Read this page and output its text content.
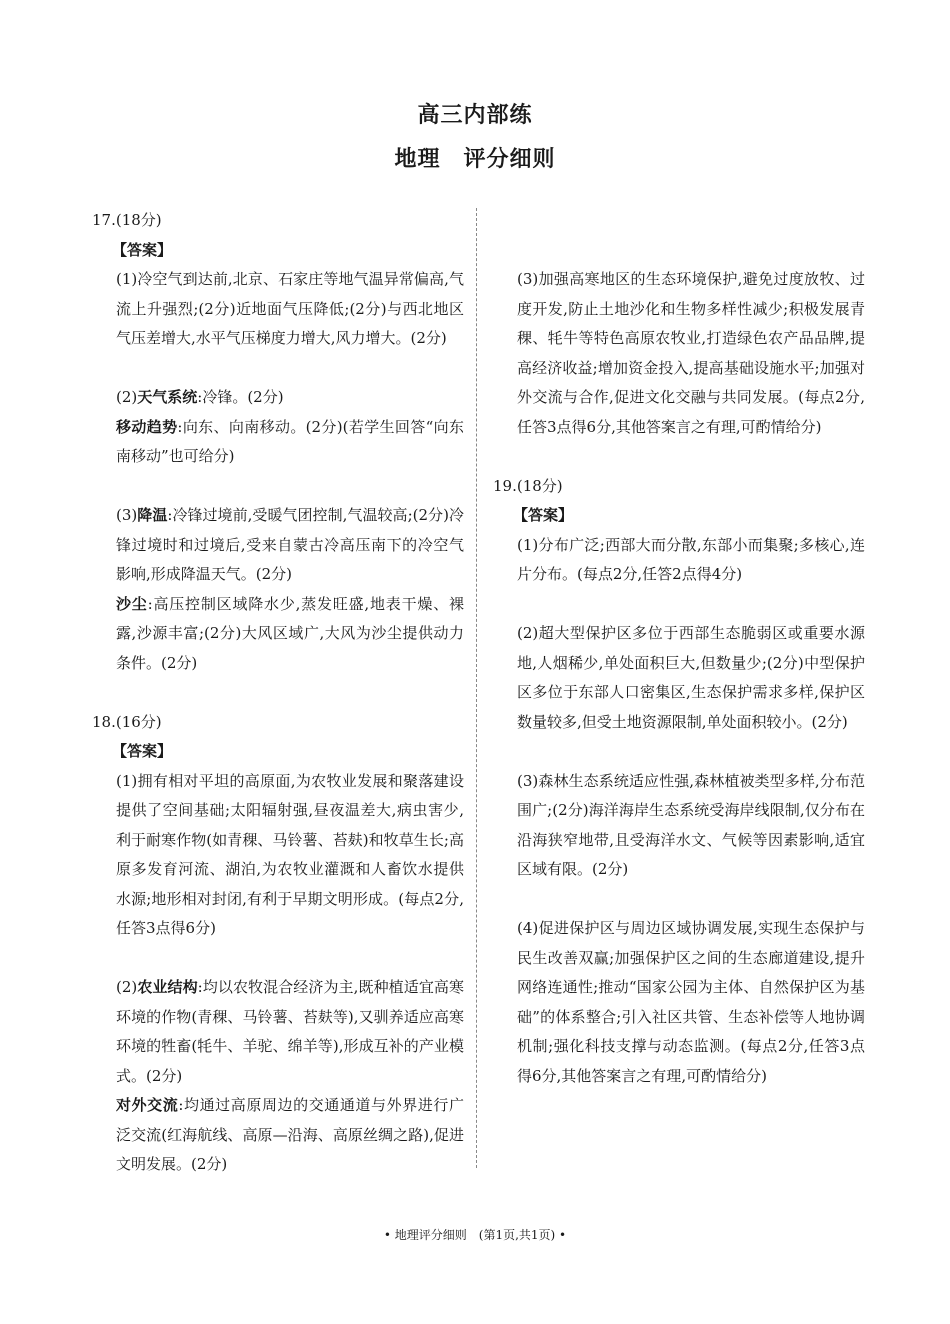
高三内部练
地理　评分细则
17.(18分)
【答案】
(1)冷空气到达前,北京、石家庄等地气温异常偏高,气流上升强烈;(2分)近地面气压降低;(2分)与西北地区气压差增大,水平气压梯度力增大,风力增大。(2分)
(2)天气系统:冷锋。(2分)
移动趋势:向东、向南移动。(2分)(若学生回答“向东南移动”也可给分)
(3)降温:冷锋过境前,受暖气团控制,气温较高;(2分)冷锋过境时和过境后,受来自蒙古冷高压南下的冷空气影响,形成降温天气。(2分)
沙尘:高压控制区域降水少,蒸发旺盛,地表干燥、裸露,沙源丰富;(2分)大风区域广,大风为沙尘提供动力条件。(2分)
18.(16分)
【答案】
(1)拥有相对平坦的高原面,为农牧业发展和聚落建设提供了空间基础;太阳辐射强,昼夜温差大,病虫害少,利于耐寒作物(如青稞、马铃薯、苔麸)和牧草生长;高原多发育河流、湖泊,为农牧业灌溉和人畜饮水提供水源;地形相对封闭,有利于早期文明形成。(每点2分,任答3点得6分)
(2)农业结构:均以农牧混合经济为主,既种植适宜高寒环境的作物(青稞、马铃薯、苔麸等),又驯养适应高寒环境的牲畜(牦牛、羊驼、绵羊等),形成互补的产业模式。(2分)
对外交流:均通过高原周边的交通通道与外界进行广泛交流(红海航线、高原—沿海、高原丝绸之路),促进文明发展。(2分)
(3)加强高寒地区的生态环境保护,避免过度放牧、过度开发,防止土地沙化和生物多样性减少;积极发展青稞、牦牛等特色高原农牧业,打造绿色农产品品牌,提高经济收益;增加资金投入,提高基础设施水平;加强对外交流与合作,促进文化交融与共同发展。(每点2分,任答3点得6分,其他答案言之有理,可酌情给分)
19.(18分)
【答案】
(1)分布广泛;西部大而分散,东部小而集聚;多核心,连片分布。(每点2分,任答2点得4分)
(2)超大型保护区多位于西部生态脆弱区或重要水源地,人烟稀少,单处面积巨大,但数量少;(2分)中型保护区多位于东部人口密集区,生态保护需求多样,保护区数量较多,但受土地资源限制,单处面积较小。(2分)
(3)森林生态系统适应性强,森林植被类型多样,分布范围广;(2分)海洋海岸生态系统受海岸线限制,仅分布在沿海狭窄地带,且受海洋水文、气候等因素影响,适宜区域有限。(2分)
(4)促进保护区与周边区域协调发展,实现生态保护与民生改善双赢;加强保护区之间的生态廊道建设,提升网络连通性;推动“国家公园为主体、自然保护区为基础”的体系整合;引入社区共管、生态补偿等人地协调机制;强化科技支撑与动态监测。(每点2分,任答3点得6分,其他答案言之有理,可酌情给分)
• 地理评分细则　(第1页,共1页) •
